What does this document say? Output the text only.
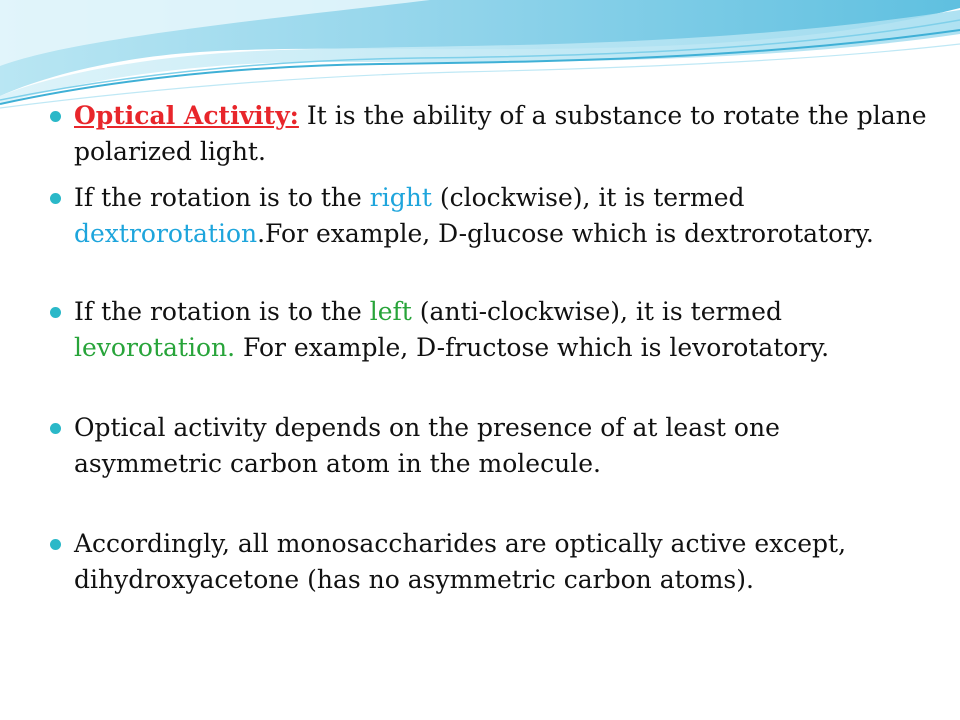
Optical Activity: It is the ability of a substance to rotate the plane polarized light.
If the rotation is to the right (clockwise), it is termed dextrorotation.For example, D-glucose which is dextrorotatory.
If the rotation is to the left (anti-clockwise), it is termed levorotation. For example, D-fructose which is levorotatory.
Optical activity depends on the presence of at least one asymmetric carbon atom in the molecule.
Accordingly, all monosaccharides are optically active except, dihydroxyacetone (has no asymmetric carbon atoms).
